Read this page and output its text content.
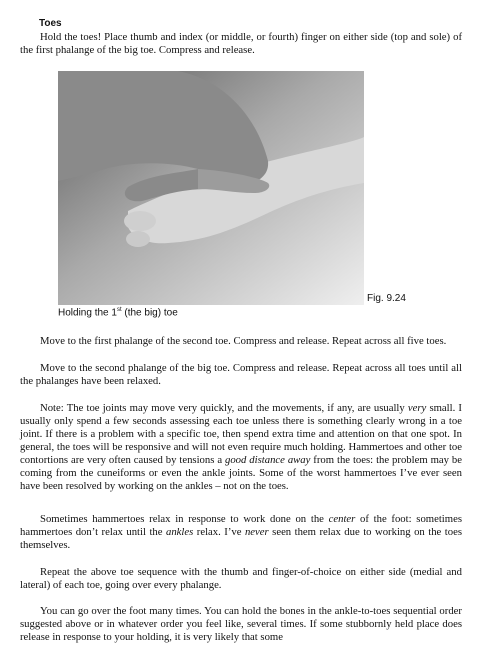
Toes
Hold the toes! Place thumb and index (or middle, or fourth) finger on either side (top and sole) of the first phalange of the big toe. Compress and release.
Fig. 9.24
Holding the 1st (the big) toe
Move to the first phalange of the second toe. Compress and release. Repeat across all five toes.
Move to the second phalange of the big toe. Compress and release. Repeat across all toes until all the phalanges have been relaxed.
Note: The toe joints may move very quickly, and the movements, if any, are usually very small. I usually only spend a few seconds assessing each toe unless there is something clearly wrong in a toe joint. If there is a problem with a specific toe, then spend extra time and attention on that one spot. In general, the toes will be responsive and will not even require much holding. Hammertoes and other toe contortions are very often caused by tensions a good distance away from the toes: the problem may be coming from the cuneiforms or even the ankle joints. Some of the worst hammertoes I’ve ever seen have been resolved by working on the ankles – not on the toes.
Sometimes hammertoes relax in response to work done on the center of the foot: sometimes hammertoes don’t relax until the ankles relax. I’ve never seen them relax due to working on the toes themselves.
Repeat the above toe sequence with the thumb and finger-of-choice on either side (medial and lateral) of each toe, going over every phalange.
You can go over the foot many times. You can hold the bones in the ankle-to-toes sequential order suggested above or in whatever order you feel like, several times. If some stubbornly held place does release in response to your holding, it is very likely that some
